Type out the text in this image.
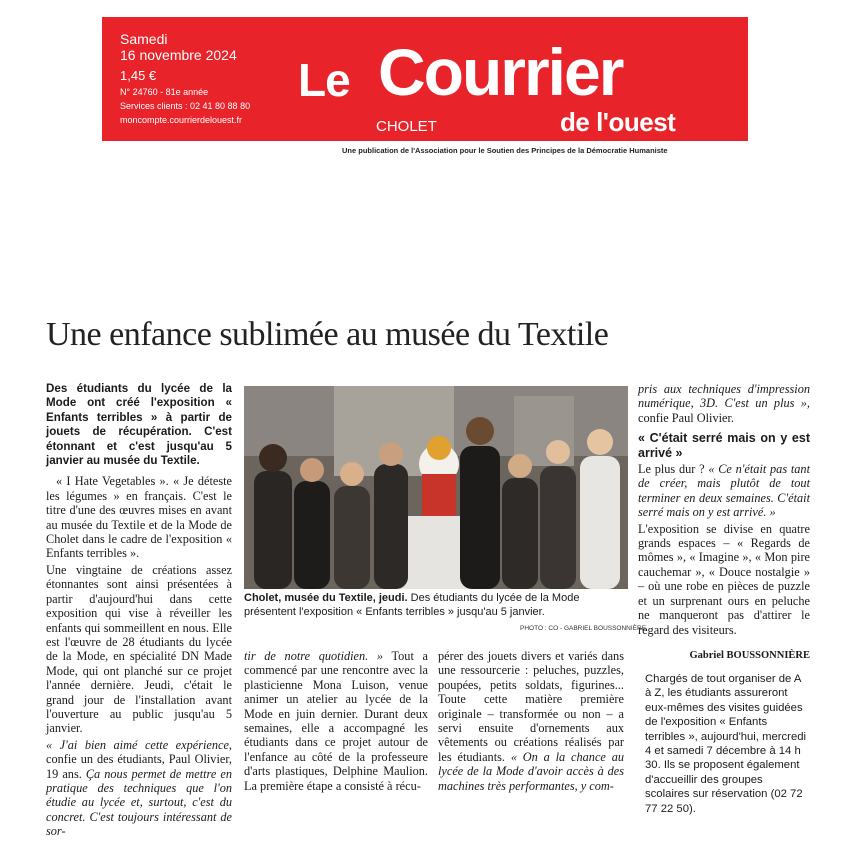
Samedi
16 novembre 2024
1,45 €
N° 24760 - 81e année
Services clients : 02 41 80 88 80
moncompte.courrierdelouest.fr
Le Courrier
CHOLET	de l'ouest
Une publication de l'Association pour le Soutien des Principes de la Démocratie Humaniste
Une enfance sublimée au musée du Textile

Des étudiants du lycée de la Mode ont créé l'exposition « Enfants terribles » à partir de jouets de récupération. C'est étonnant et c'est jusqu'au 5 janvier au musée du Textile.

« I Hate Vegetables ». « Je déteste les légumes » en français. C'est le titre d'une des œuvres mises en avant au musée du Textile et de la Mode de Cholet dans le cadre de l'exposition « Enfants terribles ».

Une vingtaine de créations assez étonnantes sont ainsi présentées à partir d'aujourd'hui dans cette exposition qui vise à réveiller les enfants qui sommeillent en nous. Elle est l'œuvre de 28 étudiants du lycée de la Mode, en spécialité DN Made Mode, qui ont planché sur ce projet l'année dernière. Jeudi, c'était le grand jour de l'installation avant l'ouverture au public jusqu'au 5 janvier.

« J'ai bien aimé cette expérience, confie un des étudiants, Paul Olivier, 19 ans. Ça nous permet de mettre en pratique des techniques que l'on étudie au lycée et, surtout, c'est du concret. C'est toujours intéressant de sor-

Cholet, musée du Textile, jeudi. Des étudiants du lycée de la Mode présentent l'exposition « Enfants terribles » jusqu'au 5 janvier.
PHOTO : CO - GABRIEL BOUSSONNIÈRE

tir de notre quotidien. » Tout a commencé par une rencontre avec la plasticienne Mona Luison, venue animer un atelier au lycée de la Mode en juin dernier. Durant deux semaines, elle a accompagné les étudiants dans ce projet autour de l'enfance au côté de la professeure d'arts plastiques, Delphine Maulion. La première étape a consisté à récu-

pérer des jouets divers et variés dans une ressourcerie : peluches, puzzles, poupées, petits soldats, figurines... Toute cette matière première originale – transformée ou non – a servi ensuite d'ornements aux vêtements ou créations réalisés par les étudiants. « On a la chance au lycée de la Mode d'avoir accès à des machines très performantes, y com-

pris aux techniques d'impression numérique, 3D. C'est un plus », confie Paul Olivier.

« C'était serré mais on y est arrivé »

Le plus dur ? « Ce n'était pas tant de créer, mais plutôt de tout terminer en deux semaines. C'était serré mais on y est arrivé. »

L'exposition se divise en quatre grands espaces – « Regards de mômes », « Imagine », « Mon pire cauchemar », « Douce nostalgie » – où une robe en pièces de puzzle et un surprenant ours en peluche ne manqueront pas d'attirer le regard des visiteurs.

Gabriel BOUSSONNIÈRE
Chargés de tout organiser de A à Z, les étudiants assureront eux-mêmes des visites guidées de l'exposition « Enfants terribles », aujourd'hui, mercredi 4 et samedi 7 décembre à 14 h 30. Ils se proposent également d'accueillir des groupes scolaires sur réservation (02 72 77 22 50).
